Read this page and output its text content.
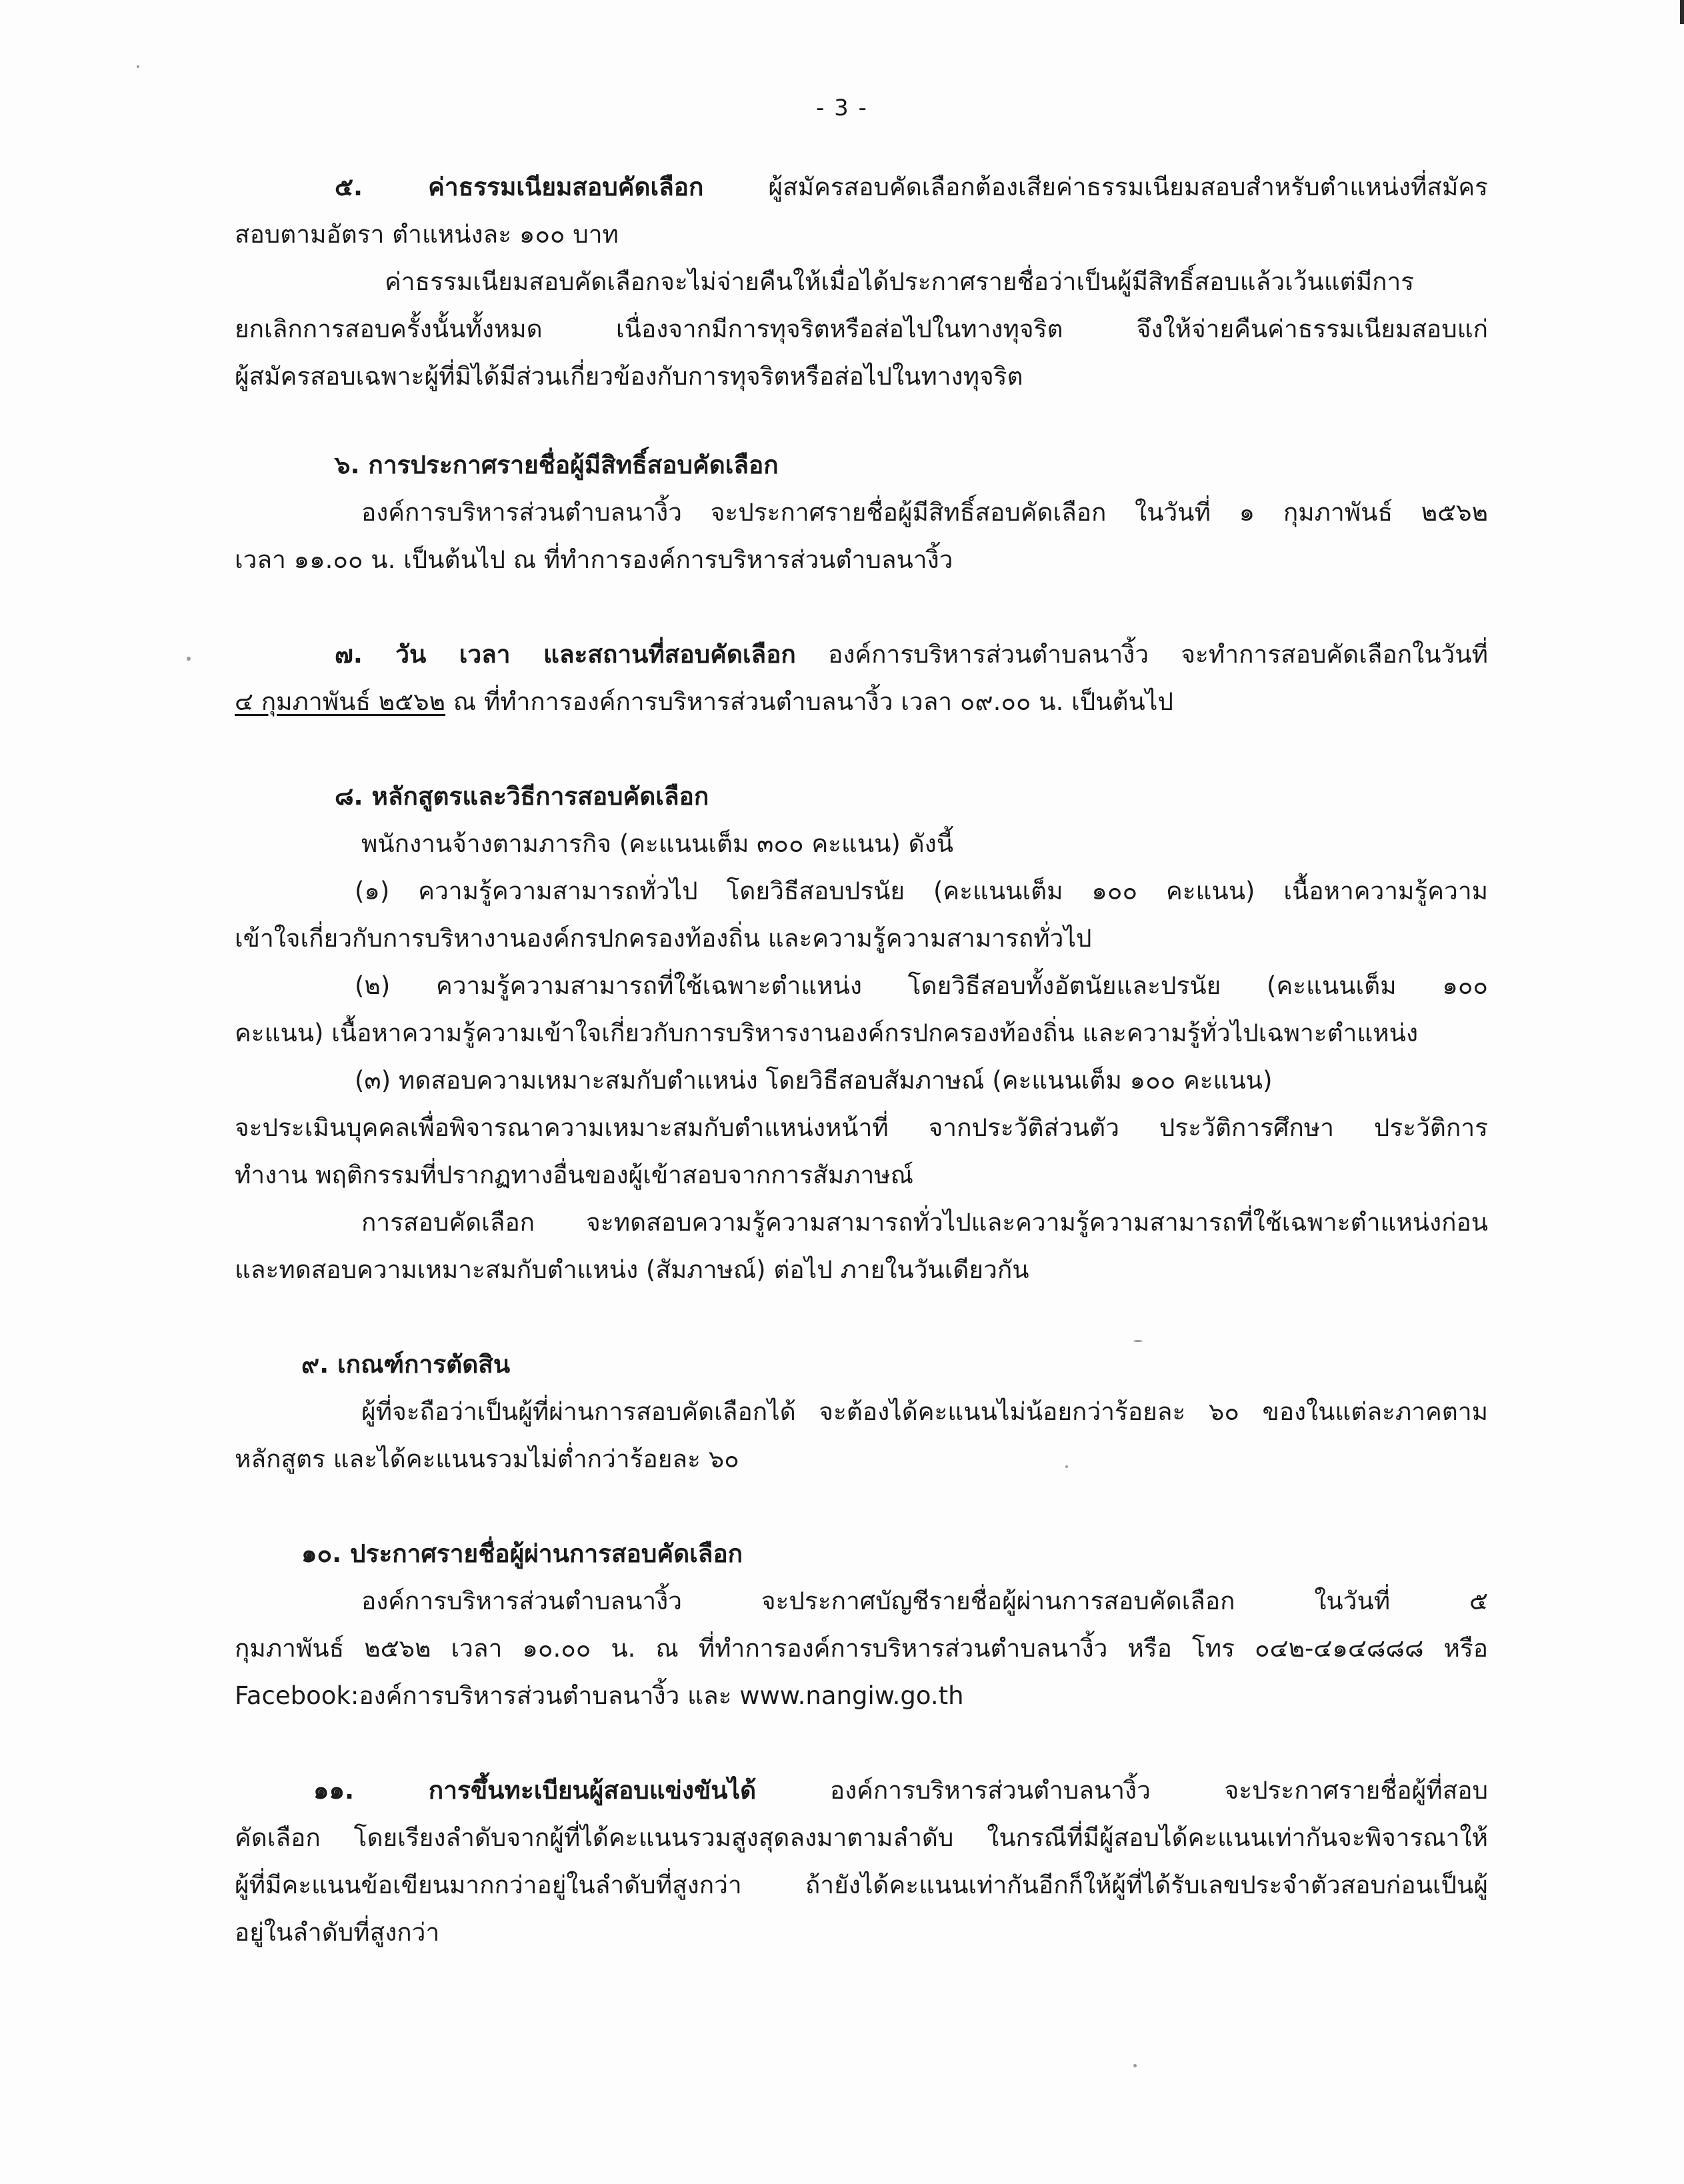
- 3 -

๕. ค่าธรรมเนียมสอบคัดเลือก ผู้สมัครสอบคัดเลือกต้องเสียค่าธรรมเนียมสอบสำหรับตำแหน่งที่สมัคร
สอบตามอัตรา ตำแหน่งละ ๑๐๐ บาท

ค่าธรรมเนียมสอบคัดเลือกจะไม่จ่ายคืนให้เมื่อได้ประกาศรายชื่อว่าเป็นผู้มีสิทธิ์สอบแล้วเว้นแต่มีการ
ยกเลิกการสอบครั้งนั้นทั้งหมด เนื่องจากมีการทุจริตหรือส่อไปในทางทุจริต จึงให้จ่ายคืนค่าธรรมเนียมสอบแก่
ผู้สมัครสอบเฉพาะผู้ที่มิได้มีส่วนเกี่ยวข้องกับการทุจริตหรือส่อไปในทางทุจริต

๖. การประกาศรายชื่อผู้มีสิทธิ์สอบคัดเลือก

องค์การบริหารส่วนตำบลนางิ้ว จะประกาศรายชื่อผู้มีสิทธิ์สอบคัดเลือก ในวันที่ ๑ กุมภาพันธ์ ๒๕๖๒
เวลา ๑๑.๐๐ น. เป็นต้นไป ณ ที่ทำการองค์การบริหารส่วนตำบลนางิ้ว

๗. วัน เวลา และสถานที่สอบคัดเลือก องค์การบริหารส่วนตำบลนางิ้ว จะทำการสอบคัดเลือกในวันที่
๔ กุมภาพันธ์ ๒๕๖๒ ณ ที่ทำการองค์การบริหารส่วนตำบลนางิ้ว เวลา ๐๙.๐๐ น. เป็นต้นไป

๘. หลักสูตรและวิธีการสอบคัดเลือก

พนักงานจ้างตามภารกิจ (คะแนนเต็ม ๓๐๐ คะแนน) ดังนี้

(๑) ความรู้ความสามารถทั่วไป โดยวิธีสอบปรนัย (คะแนนเต็ม ๑๐๐ คะแนน) เนื้อหาความรู้ความ
เข้าใจเกี่ยวกับการบริหางานองค์กรปกครองท้องถิ่น และความรู้ความสามารถทั่วไป

(๒) ความรู้ความสามารถที่ใช้เฉพาะตำแหน่ง โดยวิธีสอบทั้งอัตนัยและปรนัย (คะแนนเต็ม ๑๐๐
คะแนน) เนื้อหาความรู้ความเข้าใจเกี่ยวกับการบริหารงานองค์กรปกครองท้องถิ่น และความรู้ทั่วไปเฉพาะตำแหน่ง

(๓) ทดสอบความเหมาะสมกับตำแหน่ง โดยวิธีสอบสัมภาษณ์ (คะแนนเต็ม ๑๐๐ คะแนน)
จะประเมินบุคคลเพื่อพิจารณาความเหมาะสมกับตำแหน่งหน้าที่ จากประวัติส่วนตัว ประวัติการศึกษา ประวัติการ
ทำงาน พฤติกรรมที่ปรากฏทางอื่นของผู้เข้าสอบจากการสัมภาษณ์

การสอบคัดเลือก จะทดสอบความรู้ความสามารถทั่วไปและความรู้ความสามารถที่ใช้เฉพาะตำแหน่งก่อน
และทดสอบความเหมาะสมกับตำแหน่ง (สัมภาษณ์) ต่อไป ภายในวันเดียวกัน

๙. เกณฑ์การตัดสิน

ผู้ที่จะถือว่าเป็นผู้ที่ผ่านการสอบคัดเลือกได้ จะต้องได้คะแนนไม่น้อยกว่าร้อยละ ๖๐ ของในแต่ละภาคตาม
หลักสูตร และได้คะแนนรวมไม่ต่ำกว่าร้อยละ ๖๐

๑๐. ประกาศรายชื่อผู้ผ่านการสอบคัดเลือก

องค์การบริหารส่วนตำบลนางิ้ว จะประกาศบัญชีรายชื่อผู้ผ่านการสอบคัดเลือก ในวันที่ ๕
กุมภาพันธ์ ๒๕๖๒ เวลา ๑๐.๐๐ น. ณ ที่ทำการองค์การบริหารส่วนตำบลนางิ้ว หรือ โทร ๐๔๒-๔๑๔๘๘๘ หรือ
Facebook:องค์การบริหารส่วนตำบลนางิ้ว และ www.nangiw.go.th

๑๑. การขึ้นทะเบียนผู้สอบแข่งขันได้ องค์การบริหารส่วนตำบลนางิ้ว จะประกาศรายชื่อผู้ที่สอบ
คัดเลือก โดยเรียงลำดับจากผู้ที่ได้คะแนนรวมสูงสุดลงมาตามลำดับ ในกรณีที่มีผู้สอบได้คะแนนเท่ากันจะพิจารณาให้
ผู้ที่มีคะแนนข้อเขียนมากกว่าอยู่ในลำดับที่สูงกว่า ถ้ายังได้คะแนนเท่ากันอีกก็ให้ผู้ที่ได้รับเลขประจำตัวสอบก่อนเป็นผู้
อยู่ในลำดับที่สูงกว่า
